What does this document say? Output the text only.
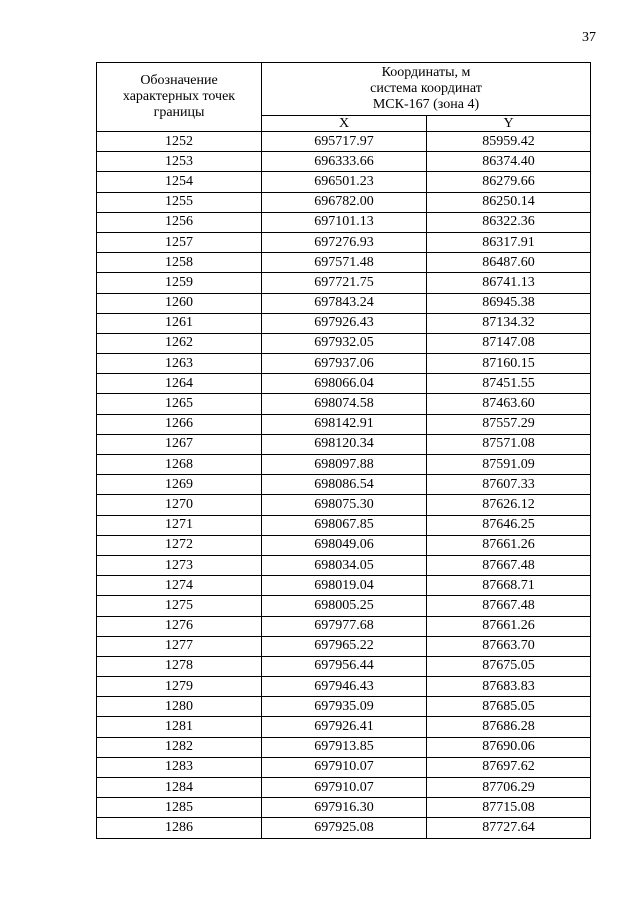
37
Обозначение
характерных точек
границы	Координаты, м
система координат
МСК-167 (зона 4)	

	X	Y
1252	695717.97	85959.42
1253	696333.66	86374.40
1254	696501.23	86279.66
1255	696782.00	86250.14
1256	697101.13	86322.36
1257	697276.93	86317.91
1258	697571.48	86487.60
1259	697721.75	86741.13
1260	697843.24	86945.38
1261	697926.43	87134.32
1262	697932.05	87147.08
1263	697937.06	87160.15
1264	698066.04	87451.55
1265	698074.58	87463.60
1266	698142.91	87557.29
1267	698120.34	87571.08
1268	698097.88	87591.09
1269	698086.54	87607.33
1270	698075.30	87626.12
1271	698067.85	87646.25
1272	698049.06	87661.26
1273	698034.05	87667.48
1274	698019.04	87668.71
1275	698005.25	87667.48
1276	697977.68	87661.26
1277	697965.22	87663.70
1278	697956.44	87675.05
1279	697946.43	87683.83
1280	697935.09	87685.05
1281	697926.41	87686.28
1282	697913.85	87690.06
1283	697910.07	87697.62
1284	697910.07	87706.29
1285	697916.30	87715.08
1286	697925.08	87727.64
